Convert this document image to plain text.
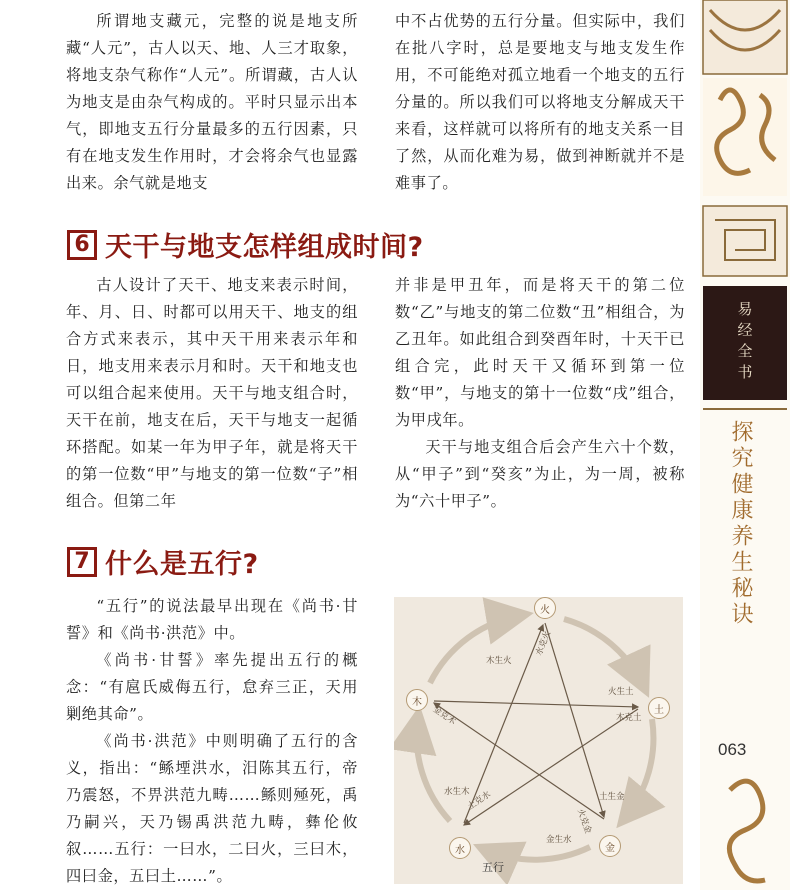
所谓地支藏元，完整的说是地支所藏“人元”，古人以天、地、人三才取象，将地支杂气称作“人元”。所谓藏，古人认为地支是由杂气构成的。平时只显示出本气，即地支五行分量最多的五行因素，只有在地支发生作用时，才会将余气也显露出来。余气就是地支

中不占优势的五行分量。但实际中，我们在批八字时，总是要地支与地支发生作用，不可能绝对孤立地看一个地支的五行分量的。所以我们可以将地支分解成天干来看，这样就可以将所有的地支关系一目了然，从而化难为易，做到神断就并不是难事了。

6 天干与地支怎样组成时间?

古人设计了天干、地支来表示时间，年、月、日、时都可以用天干、地支的组合方式来表示，其中天干用来表示年和日，地支用来表示月和时。天干和地支也可以组合起来使用。天干与地支组合时，天干在前，地支在后，天干与地支一起循环搭配。如某一年为甲子年，就是将天干的第一位数“甲”与地支的第一位数“子”相组合。但第二年

并非是甲丑年，而是将天干的第二位数“乙”与地支的第二位数“丑”相组合，为乙丑年。如此组合到癸酉年时，十天干已组合完，此时天干又循环到第一位数“甲”，与地支的第十一位数“戌”组合，为甲戌年。

天干与地支组合后会产生六十个数，从“甲子”到“癸亥”为止，为一周，被称为“六十甲子”。

7 什么是五行?

“五行”的说法最早出现在《尚书·甘誓》和《尚书·洪范》中。

《尚书·甘誓》率先提出五行的概念：“有扈氏威侮五行，怠弃三正，天用剿绝其命”。

《尚书·洪范》中则明确了五行的含义，指出：“鲧堙洪水，汨陈其五行，帝乃震怒，不畀洪范九畴……鲧则殛死，禹乃嗣兴，天乃锡禹洪范九畴，彝伦攸叙……五行：一曰水，二曰火，三曰木，四曰金，五曰土……”。

火
土
金
水
木
木生火
火生土
土生金
金生水
水生木
水克火
火克金
金克木	木克土
土克水
五行
易经全书
探究健康养生秘诀
063
